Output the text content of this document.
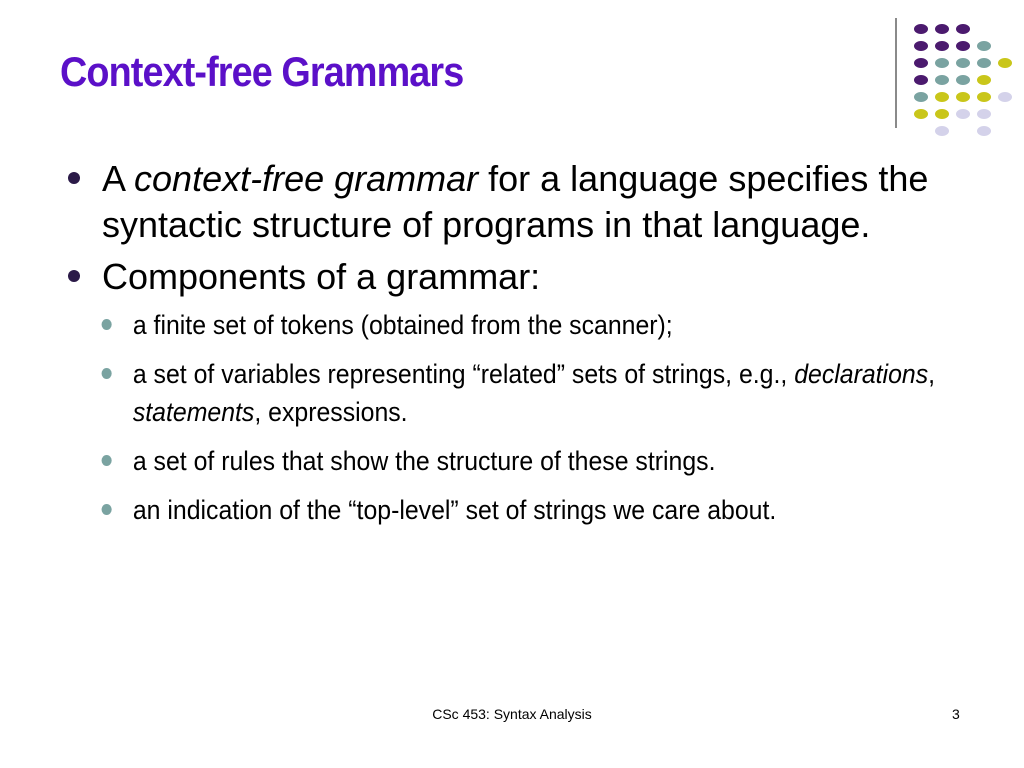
Context-free Grammars
A context-free grammar for a language specifies the syntactic structure of programs in that language.
Components of a grammar:
a finite set of tokens (obtained from the scanner);
a set of variables representing “related” sets of strings, e.g., declarations, statements, expressions.
a set of rules that show the structure of these strings.
an indication of the “top-level” set of strings we care about.
CSc 453: Syntax Analysis	3
